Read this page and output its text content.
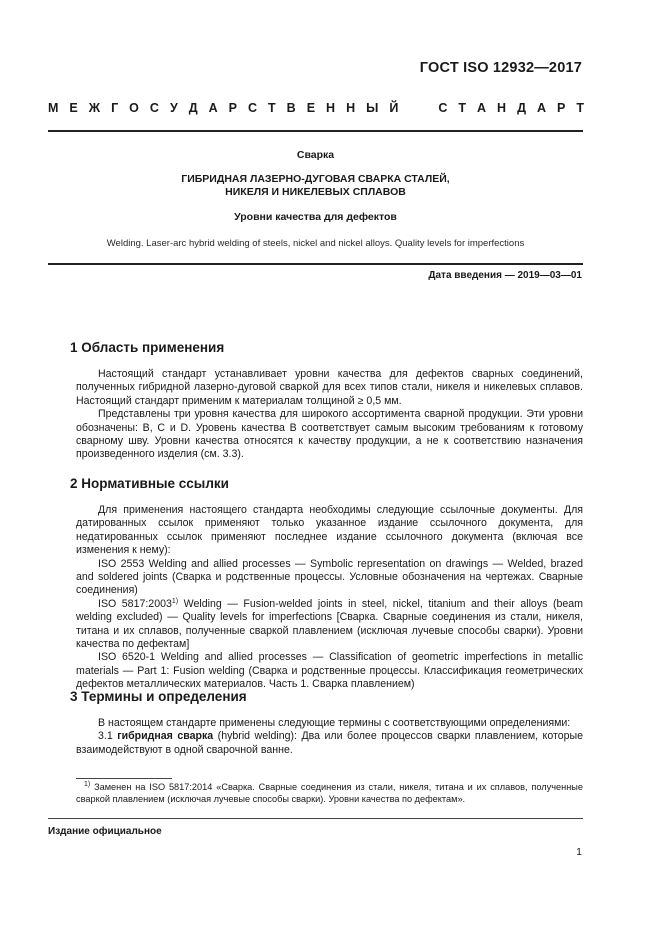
ГОСТ ISO 12932—2017
М Е Ж Г О С У Д А Р С Т В Е Н Н Ы Й	С Т А Н Д А Р Т
Сварка
ГИБРИДНАЯ ЛАЗЕРНО-ДУГОВАЯ СВАРКА СТАЛЕЙ,
НИКЕЛЯ И НИКЕЛЕВЫХ СПЛАВОВ
Уровни качества для дефектов
Welding. Laser-arc hybrid welding of steels, nickel and nickel alloys. Quality levels for imperfections
Дата введения — 2019—03—01
1 Область применения

Настоящий стандарт устанавливает уровни качества для дефектов сварных соединений, полученных гибридной лазерно-дуговой сваркой для всех типов стали, никеля и никелевых сплавов. Настоящий стандарт применим к материалам толщиной ≥ 0,5 мм.

Представлены три уровня качества для широкого ассортимента сварной продукции. Эти уровни обозначены: B, C и D. Уровень качества B соответствует самым высоким требованиям к готовому сварному шву. Уровни качества относятся к качеству продукции, а не к соответствию назначения произведенного изделия (см. 3.3).

2 Нормативные ссылки

Для применения настоящего стандарта необходимы следующие ссылочные документы. Для датированных ссылок применяют только указанное издание ссылочного документа, для недатированных ссылок применяют последнее издание ссылочного документа (включая все изменения к нему):

ISO 2553 Welding and allied processes — Symbolic representation on drawings — Welded, brazed and soldered joints (Сварка и родственные процессы. Условные обозначения на чертежах. Сварные соединения)

ISO 5817:2003$^{1)}$ Welding — Fusion-welded joints in steel, nickel, titanium and their alloys (beam welding excluded) — Quality levels for imperfections [Сварка. Сварные соединения из стали, никеля, титана и их сплавов, полученные сваркой плавлением (исключая лучевые способы сварки). Уровни качества по дефектам]

ISO 6520-1 Welding and allied processes — Classification of geometric imperfections in metallic materials — Part 1: Fusion welding (Сварка и родственные процессы. Классификация геометрических дефектов металлических материалов. Часть 1. Сварка плавлением)

3 Термины и определения

В настоящем стандарте применены следующие термины с соответствующими определениями:

3.1 гибридная сварка (hybrid welding): Два или более процессов сварки плавлением, которые взаимодействуют в одной сварочной ванне.

$^{1)}$ Заменен на ISO 5817:2014 «Сварка. Сварные соединения из стали, никеля, титана и их сплавов, полученные сваркой плавлением (исключая лучевые способы сварки). Уровни качества по дефектам».
Издание официальное
1
